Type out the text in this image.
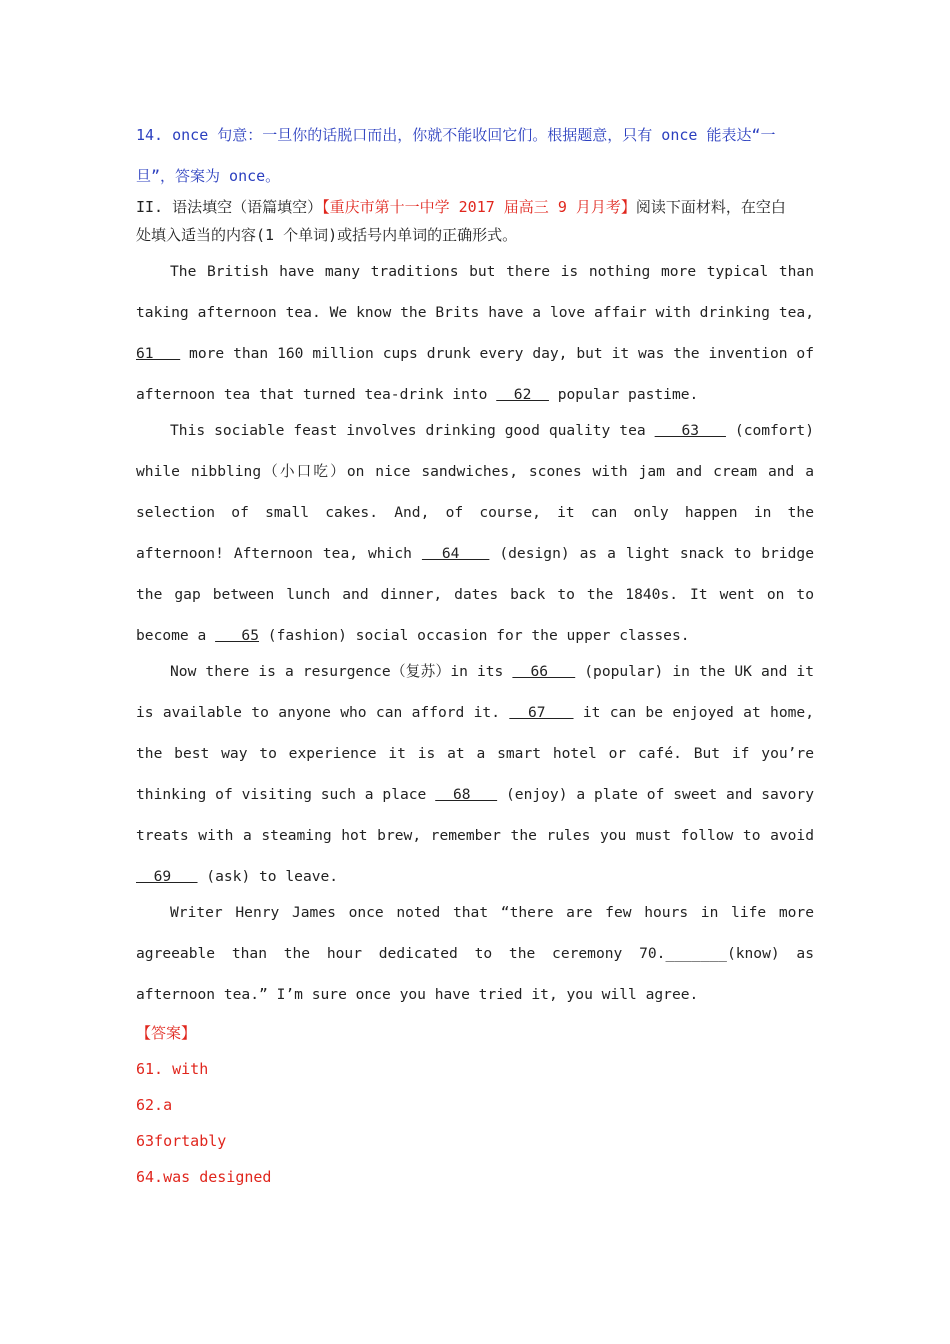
14. once 句意：一旦你的话脱口而出，你就不能收回它们。根据题意，只有 once 能表达“一
旦”，答案为 once。
II. 语法填空（语篇填空）【重庆市第十一中学 2017 届高三 9 月月考】阅读下面材料，在空白
处填入适当的内容(1 个单词)或括号内单词的正确形式。

The British have many traditions but there is nothing more typical than taking afternoon tea. We know the Brits have a love affair with drinking tea, 61    more than 160 million cups drunk every day, but it was the invention of afternoon tea that turned tea-drink into   62   popular pastime.

This sociable feast involves drinking good quality tea    63    (comfort) while nibbling（小口吃）on nice sandwiches, scones with jam and cream and a selection of small cakes. And, of course, it can only happen in the afternoon! Afternoon tea, which   64    (design) as a light snack to bridge the gap between lunch and dinner, dates back to the 1840s. It went on to become a    65 (fashion) social occasion for the upper classes.

Now there is a resurgence（复苏）in its   66    (popular) in the UK and it is available to anyone who can afford it.   67    it can be enjoyed at home, the best way to experience it is at a smart hotel or café. But if you’re thinking of visiting such a place   68    (enjoy) a plate of sweet and savory treats with a steaming hot brew, remember the rules you must follow to avoid   69    (ask) to leave.

Writer Henry James once noted that “there are few hours in life more agreeable than the hour dedicated to the ceremony 70._______(know) as afternoon tea.” I’m sure once you have tried it, you will agree.

【答案】
61. with
62.a
63fortably
64.was designed
